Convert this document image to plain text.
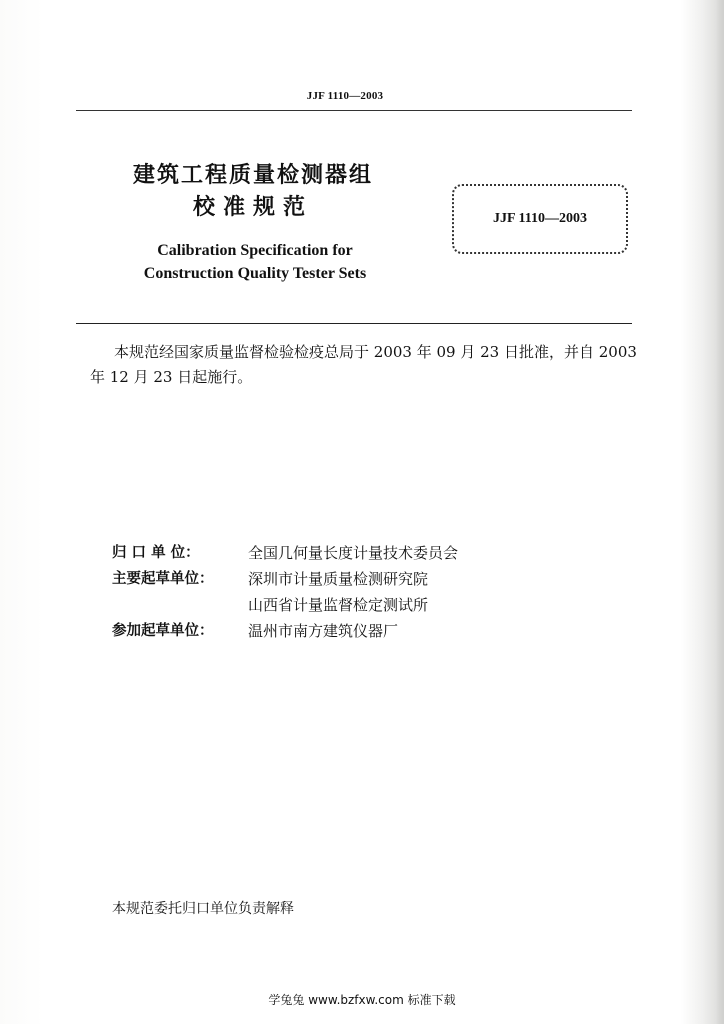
JJF 1110—2003
建筑工程质量检测器组
校准规范	JJF 1110—2003
Calibration Specification for
Construction Quality Tester Sets
本规范经国家质量监督检验检疫总局于 2003 年 09 月 23 日批准，并自 2003 年 12 月 23 日起施行。
归 口 单 位：	全国几何量长度计量技术委员会
主要起草单位：	深圳市计量质量检测研究院
山西省计量监督检定测试所
参加起草单位：	温州市南方建筑仪器厂
本规范委托归口单位负责解释
学兔兔 www.bzfxw.com 标准下载
